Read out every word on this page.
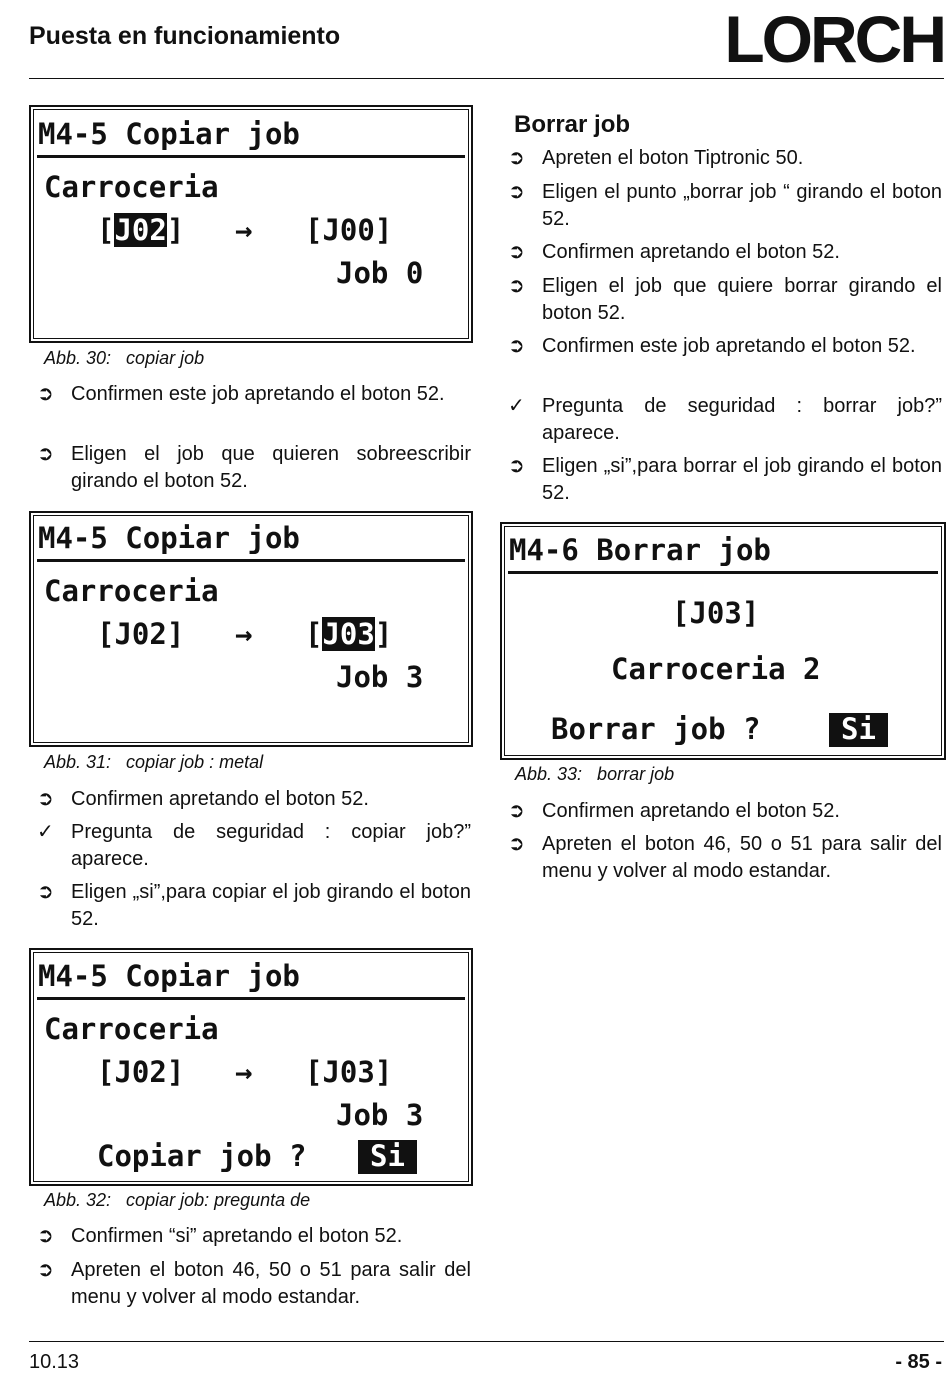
Puesta en funcionamiento	LORCH
M4-5 Copiar job
Carroceria
[J02] → [J00]
Job 0
Abb. 30:   copiar job
➲ Confirmen este job apretando el boton 52.
➲ Eligen el job que quieren sobreescribir girando el boton 52.
M4-5 Copiar job
Carroceria
[J02] → [J03]
Job 3
Abb. 31:   copiar job : metal
➲ Confirmen apretando el boton 52.
✓ Pregunta de seguridad : copiar job?” aparece.
➲ Eligen „si”,para copiar el job girando el boton 52.
M4-5 Copiar job
Carroceria
[J02] → [J03]
Job 3
Copiar job ?	Si
Abb. 32:   copiar job: pregunta de
➲ Confirmen “si” apretando el boton 52.
➲ Apreten el boton 46, 50 o 51 para salir del menu y volver al modo estandar.
Borrar job
➲ Apreten el boton Tiptronic 50.
➲ Eligen el punto „borrar job “ girando el boton 52.
➲ Confirmen apretando el boton 52.
➲ Eligen el job que quiere borrar girando el boton 52.
➲ Confirmen este job apretando el boton 52.
✓ Pregunta de seguridad : borrar job?” aparece.
➲ Eligen „si”,para borrar el job girando el boton 52.
M4-6 Borrar job
[J03]
Carroceria 2
Borrar job ?	Si
Abb. 33:   borrar job
➲ Confirmen apretando el boton 52.
➲ Apreten el boton 46, 50 o 51 para salir del menu y volver al modo estandar.
10.13	- 85 -
